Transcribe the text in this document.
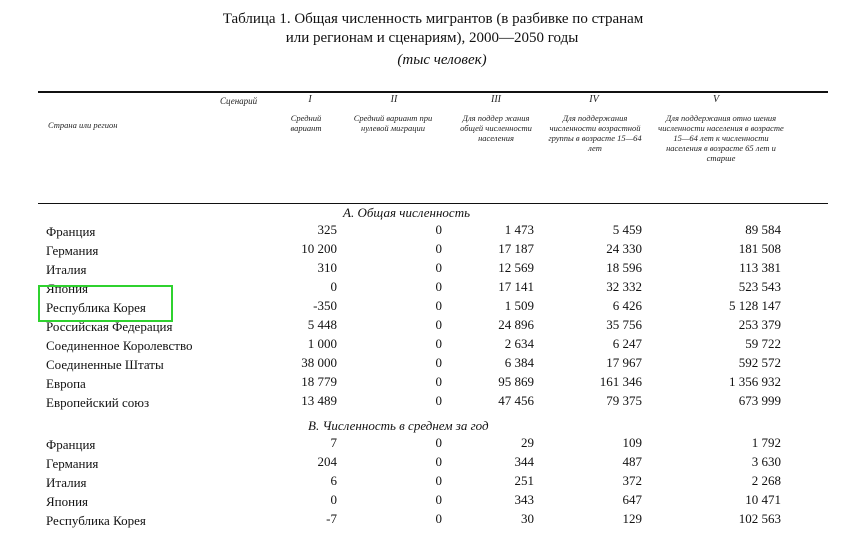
Таблица 1. Общая численность мигрантов (в разбивке по странам
или регионам и сценариям), 2000—2050 годы
(тыс человек)
Сценарий
Страна или регион
I
Средний вариант
II
Средний вариант при нулевой миграции
III
Для поддер жания общей численности населения
IV
Для поддержания численности возрастной группы в возрасте 15—64 лет
V
Для поддержания отно шения численности населения в возрасте 15—64 лет к численности населения в возрасте 65 лет и старше
А. Общая численность
Франция	325	0	1 473	5 459	89 584
Германия	10 200	0	17 187	24 330	181 508
Италия	310	0	12 569	18 596	113 381
Япония	0	0	17 141	32 332	523 543
Республика Корея	-350	0	1 509	6 426	5 128 147
Российская Федерация	5 448	0	24 896	35 756	253 379
Соединенное Королевство	1 000	0	2 634	6 247	59 722
Соединенные Штаты	38 000	0	6 384	17 967	592 572
Европа	18 779	0	95 869	161 346	1 356 932
Европейский союз	13 489	0	47 456	79 375	673 999
В. Численность в среднем за год
Франция	7	0	29	109	1 792
Германия	204	0	344	487	3 630
Италия	6	0	251	372	2 268
Япония	0	0	343	647	10 471
Республика Корея	-7	0	30	129	102 563
